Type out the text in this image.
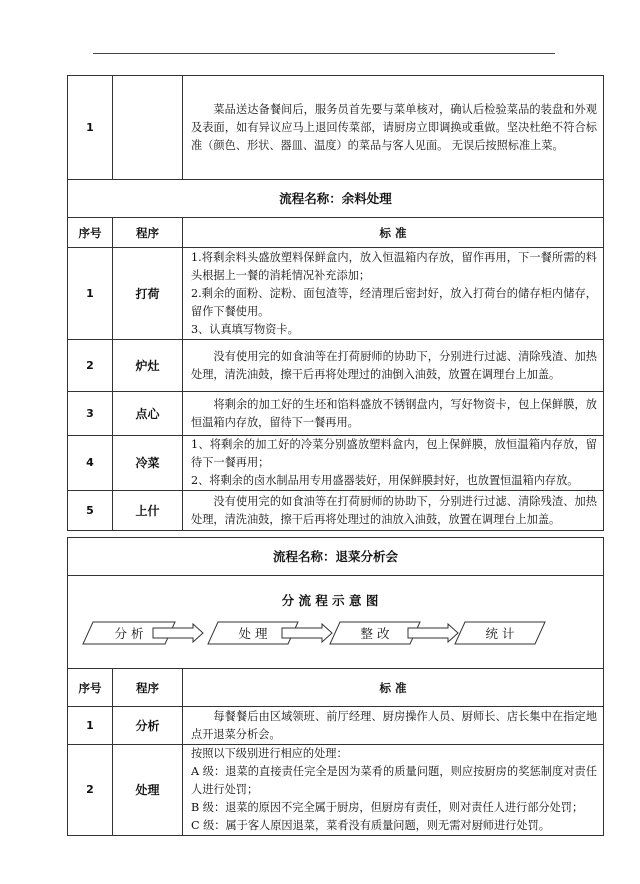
1		菜品送达备餐间后，服务员首先要与菜单核对，确认后检验菜品的装盘和外观及表面，如有异议应马上退回传菜部，请厨房立即调换或重做。坚决杜绝不符合标准（颜色、形状、器皿、温度）的菜品与客人见面。 无误后按照标准上菜。
流程名称：余料处理		
序号	程序	标 准
1	打荷	1.将剩余料头盛放塑料保鲜盒内，放入恒温箱内存放，留作再用，下一餐所需的料头根据上一餐的消耗情况补充添加；
2.剩余的面粉、淀粉、面包渣等，经清理后密封好，放入打荷台的储存柜内储存，留作下餐使用。
3、认真填写物资卡。

2	炉灶	没有使用完的如食油等在打荷厨师的协助下，分别进行过滤、清除残渣、加热处理，清洗油鼓，擦干后再将处理过的油倒入油鼓，放置在调理台上加盖。
3	点心	将剩余的加工好的生坯和馅料盛放不锈钢盘内，写好物资卡，包上保鲜膜，放恒温箱内存放，留待下一餐再用。
4	冷菜	1、将剩余的加工好的冷菜分别盛放塑料盒内，包上保鲜膜，放恒温箱内存放，留待下一餐再用；
2、将剩余的卤水制品用专用盛器装好，用保鲜膜封好，也放置恒温箱内存放。

5	上什	没有使用完的如食油等在打荷厨师的协助下，分别进行过滤、清除残渣、加热处理，清洗油鼓，擦干后再将处理过的油放入油鼓，放置在调理台上加盖。
流程名称：退菜分析会		

分 流 程 示 意 图
分 析 处 理 整 改 统 计		

序号	程序	标 准
1	分析	每餐餐后由区域领班、前厅经理、厨房操作人员、厨师长、店长集中在指定地点开退菜分析会。
2	处理	按照以下级别进行相应的处理：
A 级：退菜的直接责任完全是因为菜肴的质量问题，则应按厨房的奖惩制度对责任人进行处罚；
B 级：退菜的原因不完全属于厨房，但厨房有责任，则对责任人进行部分处罚；
C 级：属于客人原因退菜，菜肴没有质量问题，则无需对厨师进行处罚。
